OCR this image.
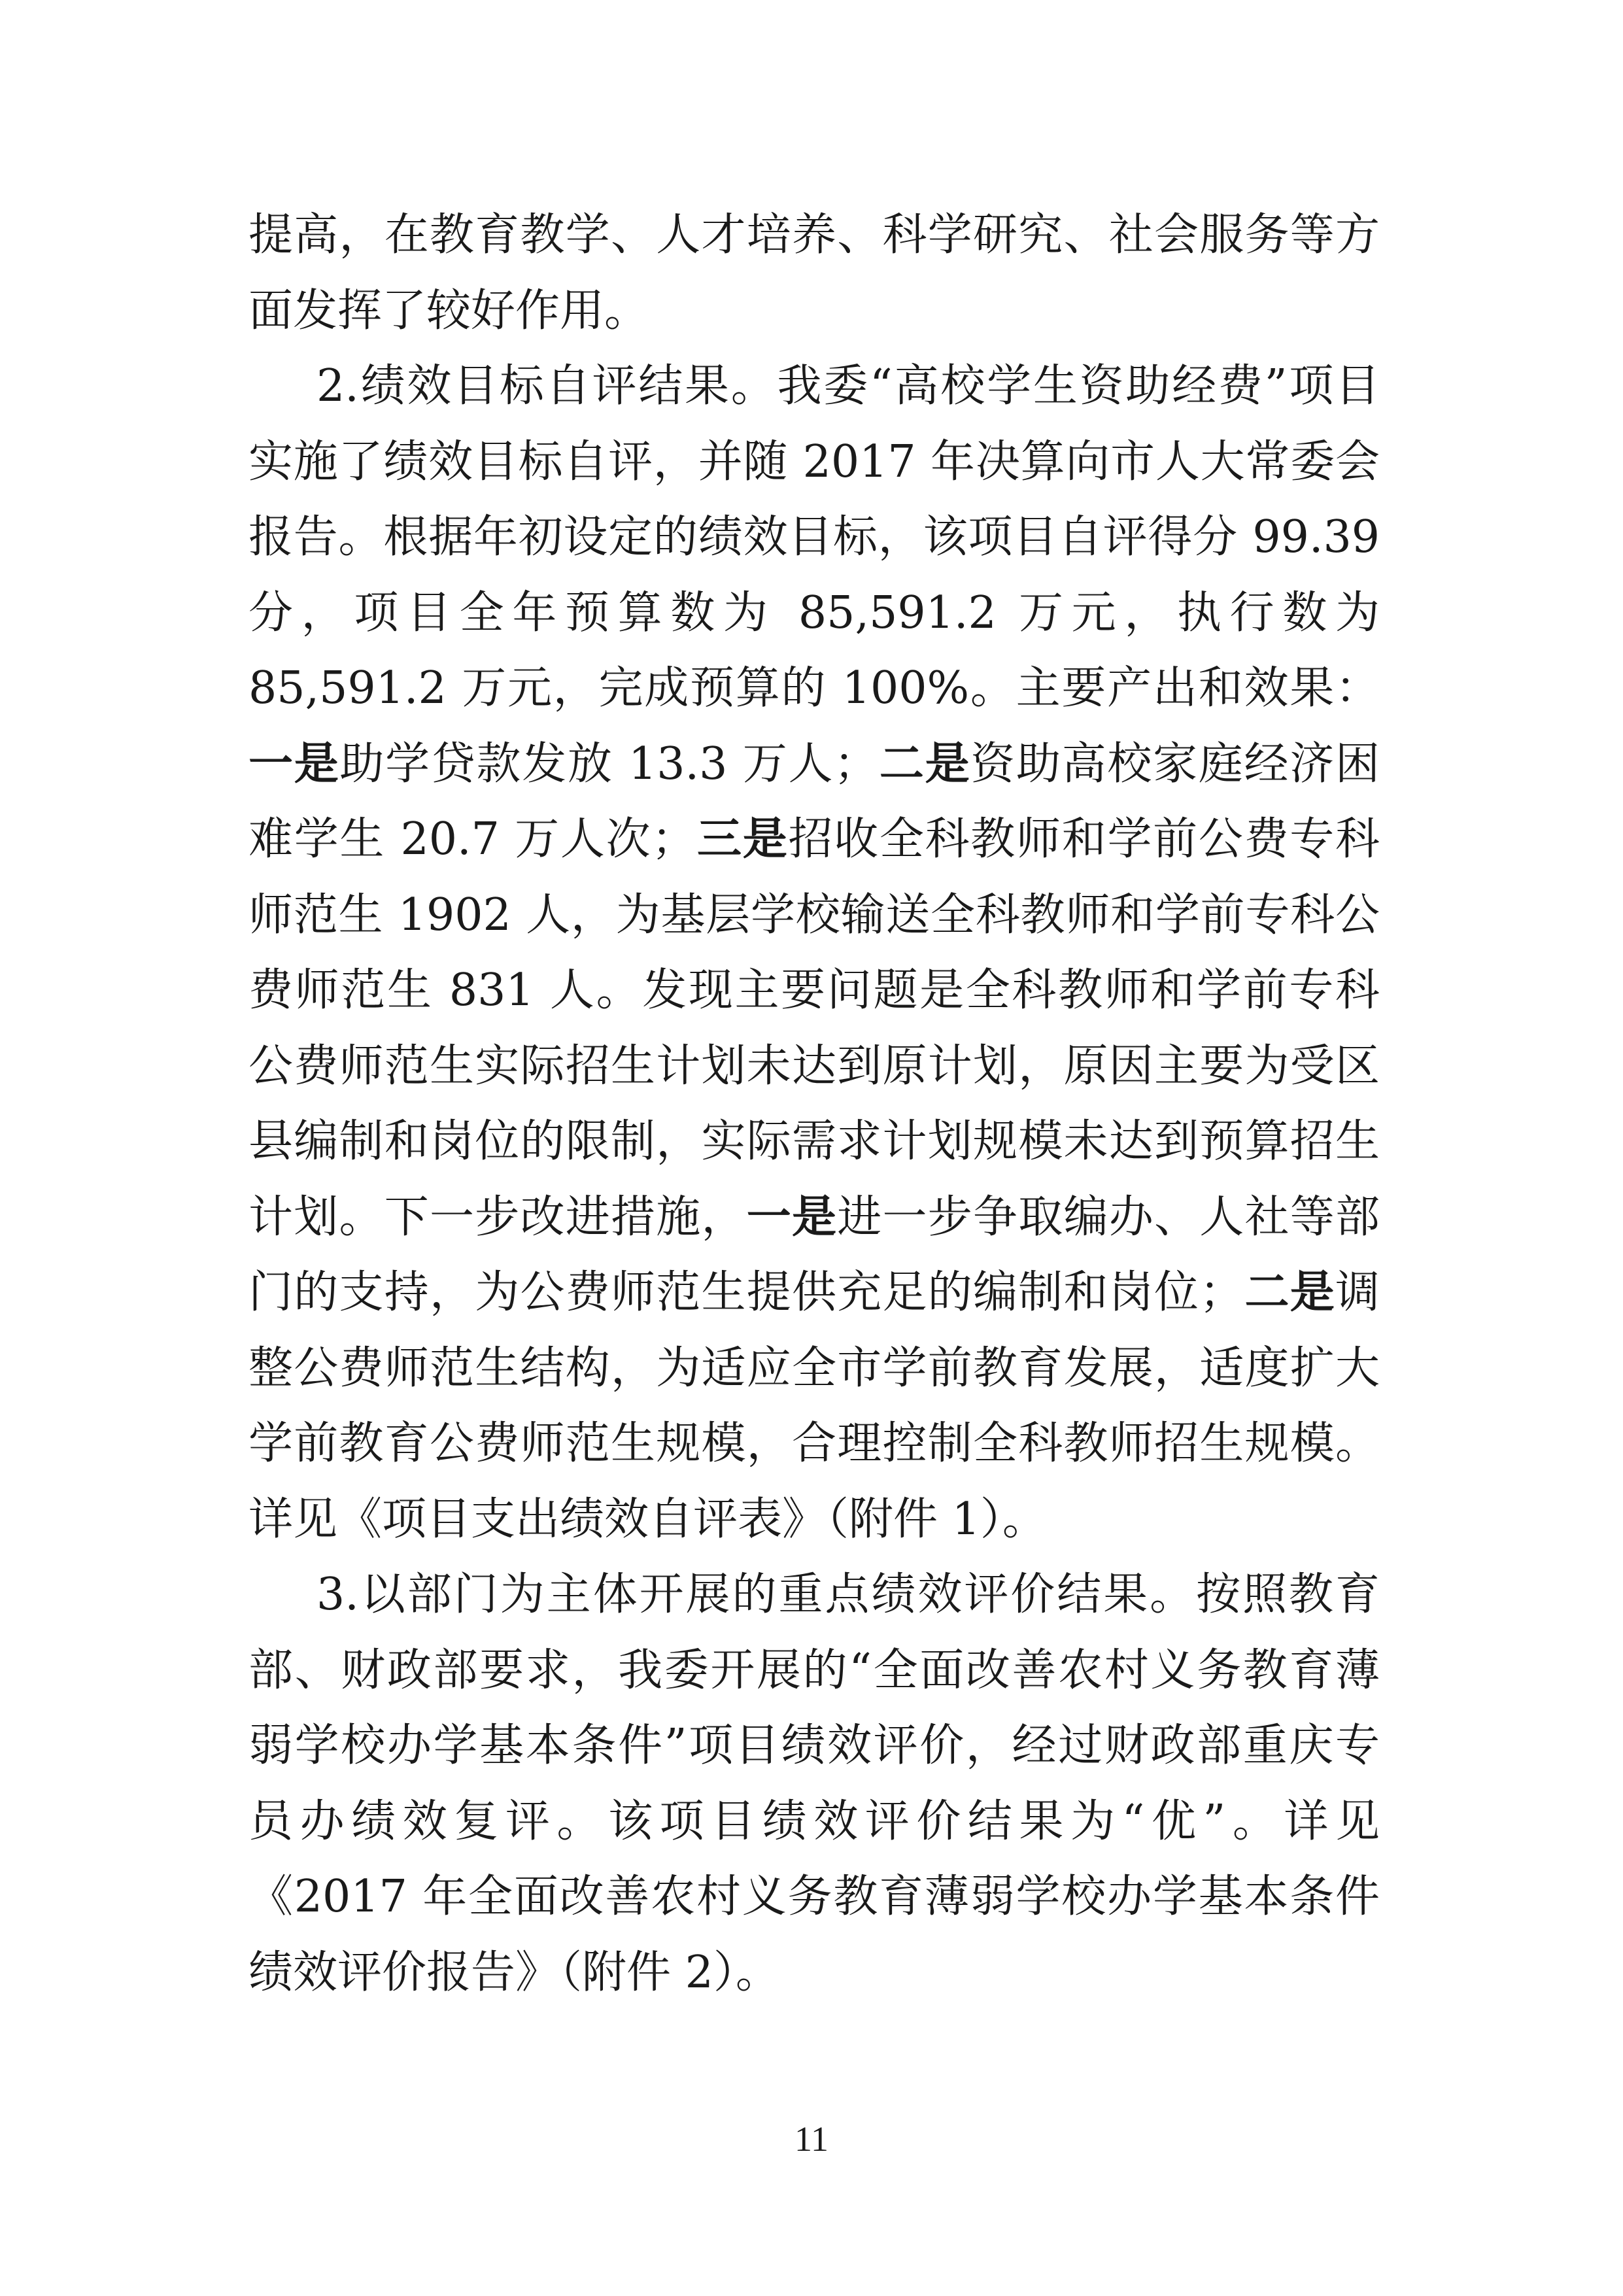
提高，在教育教学、人才培养、科学研究、社会服务等方面发挥了较好作用。

2.绩效目标自评结果。我委“高校学生资助经费”项目实施了绩效目标自评，并随 2017 年决算向市人大常委会报告。根据年初设定的绩效目标，该项目自评得分 99.39 分，项目全年预算数为 85,591.2 万元，执行数为 85,591.2 万元，完成预算的 100%。主要产出和效果：一是助学贷款发放 13.3 万人；二是资助高校家庭经济困难学生 20.7 万人次；三是招收全科教师和学前公费专科师范生 1902 人，为基层学校输送全科教师和学前专科公费师范生 831 人。发现主要问题是全科教师和学前专科公费师范生实际招生计划未达到原计划，原因主要为受区县编制和岗位的限制，实际需求计划规模未达到预算招生计划。下一步改进措施，一是进一步争取编办、人社等部门的支持，为公费师范生提供充足的编制和岗位；二是调整公费师范生结构，为适应全市学前教育发展，适度扩大学前教育公费师范生规模，合理控制全科教师招生规模。详见《项目支出绩效自评表》（附件 1）。

3.以部门为主体开展的重点绩效评价结果。按照教育部、财政部要求，我委开展的“全面改善农村义务教育薄弱学校办学基本条件”项目绩效评价，经过财政部重庆专员办绩效复评。该项目绩效评价结果为“优”。详见《2017 年全面改善农村义务教育薄弱学校办学基本条件绩效评价报告》（附件 2）。

11
